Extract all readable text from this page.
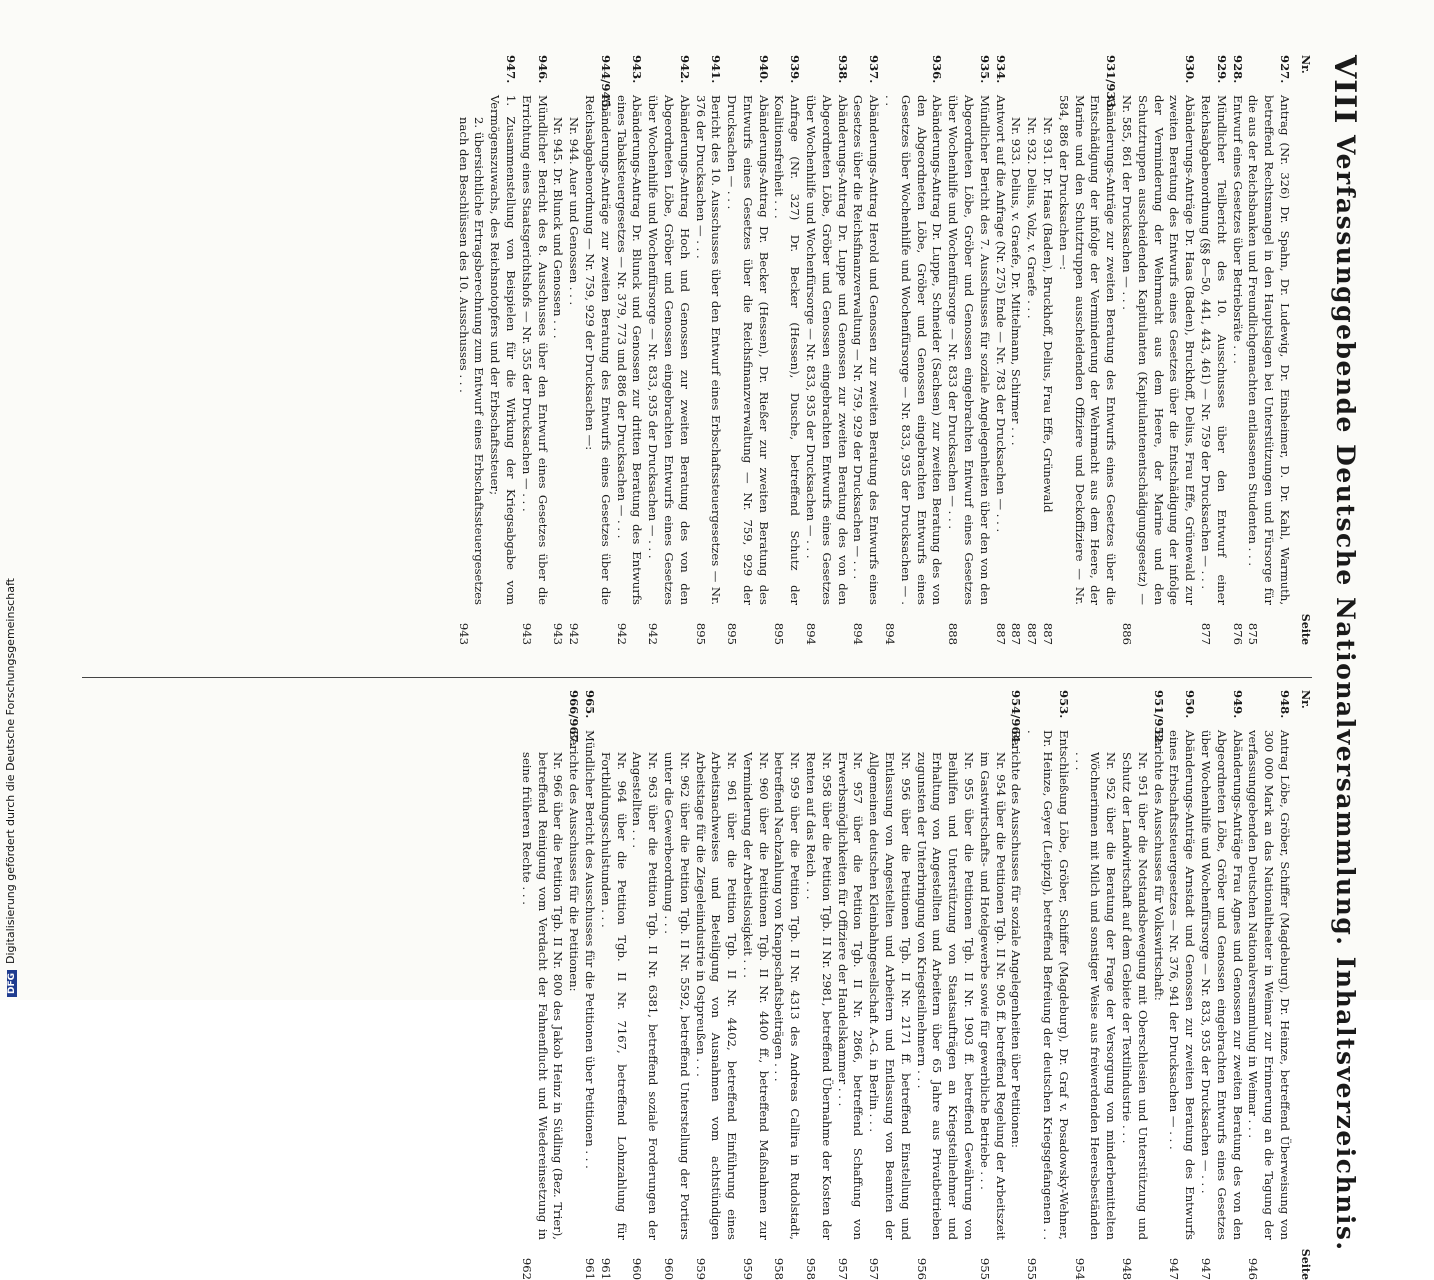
VIII
Verfassunggebende Deutsche Nationalversammlung. Inhaltsverzeichnis.
Nr.
Seite
927.
Antrag (Nr. 326) Dr. Spahn, Dr. Ludewig, Dr. Einsheimer, D. Dr. Kahl, Warmuth, betreffend Rechtsmangel in den Hauptslagen bei Unterstützungen und Fürsorge für die aus der Reichsbanken und Freundlichgemachten entlassenen Studenten . . .
875
928.
Entwurf eines Gesetzes über Betriebsräte . . .
876
929.
Mündlicher Teilbericht des 10. Ausschusses über den Entwurf einer Reichsabgabenordnung (§§ 8—50, 441, 443, 461) — Nr. 759 der Drucksachen — . . .
877
930.
Abänderungs-Anträge Dr. Haas (Baden), Bruckhoff, Delius, Frau Effe, Grünewald zur zweiten Beratung des Entwurfs eines Gesetzes über die Entschädigung der infolge der Verminderung der Wehrmacht aus dem Heere, der Marine und den Schutztruppen ausscheidenden Kapitulanten (Kapitulantenentschädigungsgesetz) — Nr. 585, 861 der Drucksachen — . . .
886
931/933.
Abänderungs-Anträge zur zweiten Beratung des Entwurfs eines Gesetzes über die Entschädigung der infolge der Verminderung der Wehrmacht aus dem Heere, der Marine und den Schutztruppen ausscheidenden Offiziere und Deckoffiziere — Nr. 584, 886 der Drucksachen —:
Nr. 931. Dr. Haas (Baden), Bruckhoff, Delius, Frau Effe, Grünewald
887
Nr. 932. Delius, Volz, v. Graefe . . .
887
Nr. 933. Delius, v. Graefe, Dr. Mittelmann, Schirmer . . .
887
934.
Antwort auf die Anfrage (Nr. 275) Ende — Nr. 783 der Drucksachen — . . .
887
935.
Mündlicher Bericht des 7. Ausschusses für soziale Angelegenheiten über den von den Abgeordneten Löbe, Gröber und Genossen eingebrachten Entwurf eines Gesetzes über Wochenhilfe und Wochenfürsorge — Nr. 833 der Drucksachen — . . .
888
936.
Abänderungs-Antrag Dr. Luppe, Schneider (Sachsen) zur zweiten Beratung des von den Abgeordneten Löbe, Gröber und Genossen eingebrachten Entwurfs eines Gesetzes über Wochenhilfe und Wochenfürsorge — Nr. 833, 935 der Drucksachen — . . .
894
937.
Abänderungs-Antrag Herold und Genossen zur zweiten Beratung des Entwurfs eines Gesetzes über die Reichsfinanzverwaltung — Nr. 759, 929 der Drucksachen — . . .
894
938.
Abänderungs-Antrag Dr. Luppe und Genossen zur zweiten Beratung des von den Abgeordneten Löbe, Gröber und Genossen eingebrachten Entwurfs eines Gesetzes über Wochenhilfe und Wochenfürsorge — Nr. 833, 935 der Drucksachen — . . .
894
939.
Anfrage (Nr. 327) Dr. Becker (Hessen), Dusche, betreffend Schutz der Koalitionsfreiheit . . .
895
940.
Abänderungs-Antrag Dr. Becker (Hessen), Dr. Rießer zur zweiten Beratung des Entwurfs eines Gesetzes über die Reichsfinanzverwaltung — Nr. 759, 929 der Drucksachen — . . .
895
941.
Bericht des 10. Ausschusses über den Entwurf eines Erbschaftssteuergesetzes — Nr. 376 der Drucksachen — . . .
895
942.
Abänderungs-Antrag Hoch und Genossen zur zweiten Beratung des von den Abgeordneten Löbe, Gröber und Genossen eingebrachten Entwurfs eines Gesetzes über Wochenhilfe und Wochenfürsorge — Nr. 833, 935 der Drucksachen — . . .
942
943.
Abänderungs-Antrag Dr. Blunck und Genossen zur dritten Beratung des Entwurfs eines Tabaksteuergesetzes — Nr. 379, 773 und 886 der Drucksachen — . . .
942
944/945.
Abänderungs-Anträge zur zweiten Beratung des Entwurfs eines Gesetzes über die Reichsabgabenordnung — Nr. 759, 929 der Drucksachen —:
Nr. 944. Auer und Genossen . . .
942
Nr. 945. Dr. Blunck und Genossen . . .
943
946.
Mündlicher Bericht des 8. Ausschusses über den Entwurf eines Gesetzes über die Errichtung eines Staatsgerichtshofs — Nr. 355 der Drucksachen — . . .
943
947.
1. Zusammenstellung von Beispielen für die Wirkung der Kriegsabgabe vom Vermögenszuwachs, des Reichsnotopfers und der Erbschaftssteuer;
2. übersichtliche Ertragsberechnung zum Entwurf eines Erbschaftssteuergesetzes nach den Beschlüssen des 10. Ausschusses . . .
943
Nr.
Seite
948.
Antrag Löbe, Gröber, Schiffer (Magdeburg), Dr. Heinze, betreffend Überweisung von 300 000 Mark an das Nationaltheater in Weimar zur Erinnerung an die Tagung der verfassunggebenden Deutschen Nationalversammlung in Weimar . . .
946
949.
Abänderungs-Anträge Frau Agnes und Genossen zur zweiten Beratung des von den Abgeordneten Löbe, Gröber und Genossen eingebrachten Entwurfs eines Gesetzes über Wochenhilfe und Wochenfürsorge — Nr. 833, 935 der Drucksachen — . . .
947
950.
Abänderungs-Anträge Arnstadt und Genossen zur zweiten Beratung des Entwurfs eines Erbschaftssteuergesetzes — Nr. 376, 941 der Drucksachen — . . .
947
951/952.
Berichte des Ausschusses für Volkswirtschaft:
Nr. 951 über die Notstandsbewegung mit Oberschlesien und Unterstützung und Schutz der Landwirtschaft auf dem Gebiete der Textilindustrie . . .
948
Nr. 952 über die Beratung der Frage der Versorgung von minderbemittelten Wöchnerinnen mit Milch und sonstiger Weise aus freiwerdenden Heeresbeständen . . .
954
953.
Entschließung Löbe, Gröber, Schiffer (Magdeburg), Dr. Graf v. Posadowsky-Wehner, Dr. Heinze, Geyer (Leipzig), betreffend Befreiung der deutschen Kriegsgefangenen . . .
955
954/964.
Berichte des Ausschusses für soziale Angelegenheiten über Petitionen:
Nr. 954 über die Petitionen Tgb. II Nr. 905 ff. betreffend Regelung der Arbeitszeit im Gastwirtschafts- und Hotelgewerbe sowie für gewerbliche Betriebe . . .
955
Nr. 955 über die Petitionen Tgb. II Nr. 1903 ff. betreffend Gewährung von Beihilfen und Unterstützung von Staatsaufträgen an Kriegsteilnehmer und Erhaltung von Angestellten und Arbeitern über 65 Jahre aus Privatbetrieben zugunsten der Unterbringung von Kriegsteilnehmern . . .
956
Nr. 956 über die Petitionen Tgb. II Nr. 2171 ff. betreffend Einstellung und Entlassung von Angestellten und Arbeitern und Entlassung von Beamten der Allgemeinen deutschen Kleinbahngesellschaft A.-G. in Berlin . . .
957
Nr. 957 über die Petition Tgb. II Nr. 2866, betreffend Schaffung von Erwerbsmöglichkeiten für Offiziere der Handelskammer . . .
957
Nr. 958 über die Petition Tgb. II Nr. 2981, betreffend Übernahme der Kosten der Renten auf das Reich . . .
958
Nr. 959 über die Petition Tgb. II Nr. 4313 des Andreas Callira in Rudolstadt, betreffend Nachzahlung von Knappschaftsbeiträgen . . .
958
Nr. 960 über die Petitionen Tgb. II Nr. 4400 ff., betreffend Maßnahmen zur Verminderung der Arbeitslosigkeit . . .
959
Nr. 961 über die Petition Tgb. II Nr. 4402, betreffend Einführung eines Arbeitsnachweises und Beteiligung von Ausnahmen vom achtstündigen Arbeitstage für die Ziegeleiindustrie in Ostpreußen . . .
959
Nr. 962 über die Petition Tgb. II Nr. 5592, betreffend Unterstellung der Portiers unter die Gewerbeordnung . . .
960
Nr. 963 über die Petition Tgb. II Nr. 6381, betreffend soziale Forderungen der Angestellten . . .
960
Nr. 964 über die Petition Tgb. II Nr. 7167, betreffend Lohnzahlung für Fortbildungsschulstunden . . .
961
965.
Mündlicher Bericht des Ausschusses für die Petitionen über Petitionen . . .
961
966/967.
Berichte des Ausschusses für die Petitionen:
Nr. 966 über die Petition Tgb. II Nr. 800 des Jakob Heinz in Südling (Bez. Trier), betreffend Reinigung vom Verdacht der Fahnenflucht und Wiedereinsetzung in seine früheren Rechte . . .
962
DFGDigitalisierung gefördert durch die Deutsche Forschungsgemeinschaft
